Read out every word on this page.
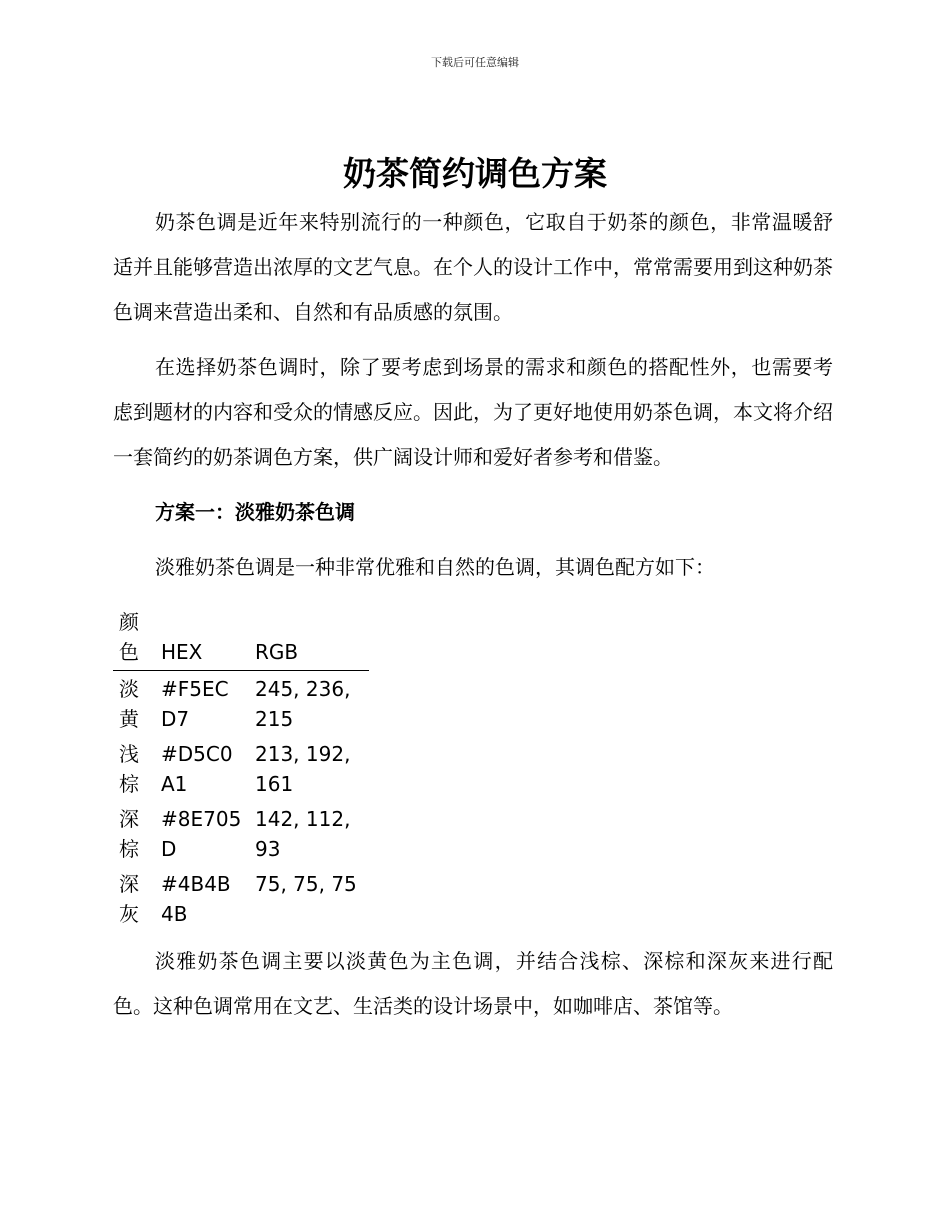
下载后可任意编辑
奶茶简约调色方案

奶茶色调是近年来特别流行的一种颜色，它取自于奶茶的颜色，非常温暖舒适并且能够营造出浓厚的文艺气息。在个人的设计工作中，常常需要用到这种奶茶色调来营造出柔和、自然和有品质感的氛围。

在选择奶茶色调时，除了要考虑到场景的需求和颜色的搭配性外，也需要考虑到题材的内容和受众的情感反应。因此，为了更好地使用奶茶色调，本文将介绍一套简约的奶茶调色方案，供广阔设计师和爱好者参考和借鉴。

方案一：淡雅奶茶色调

淡雅奶茶色调是一种非常优雅和自然的色调，其调色配方如下：

颜色	HEX	RGB
淡黄	#F5ECD7	245, 236, 215
浅棕	#D5C0A1	213, 192, 161
深棕	#8E705D	142, 112, 93
深灰	#4B4B4B	75, 75, 75

淡雅奶茶色调主要以淡黄色为主色调，并结合浅棕、深棕和深灰来进行配色。这种色调常用在文艺、生活类的设计场景中，如咖啡店、茶馆等。
